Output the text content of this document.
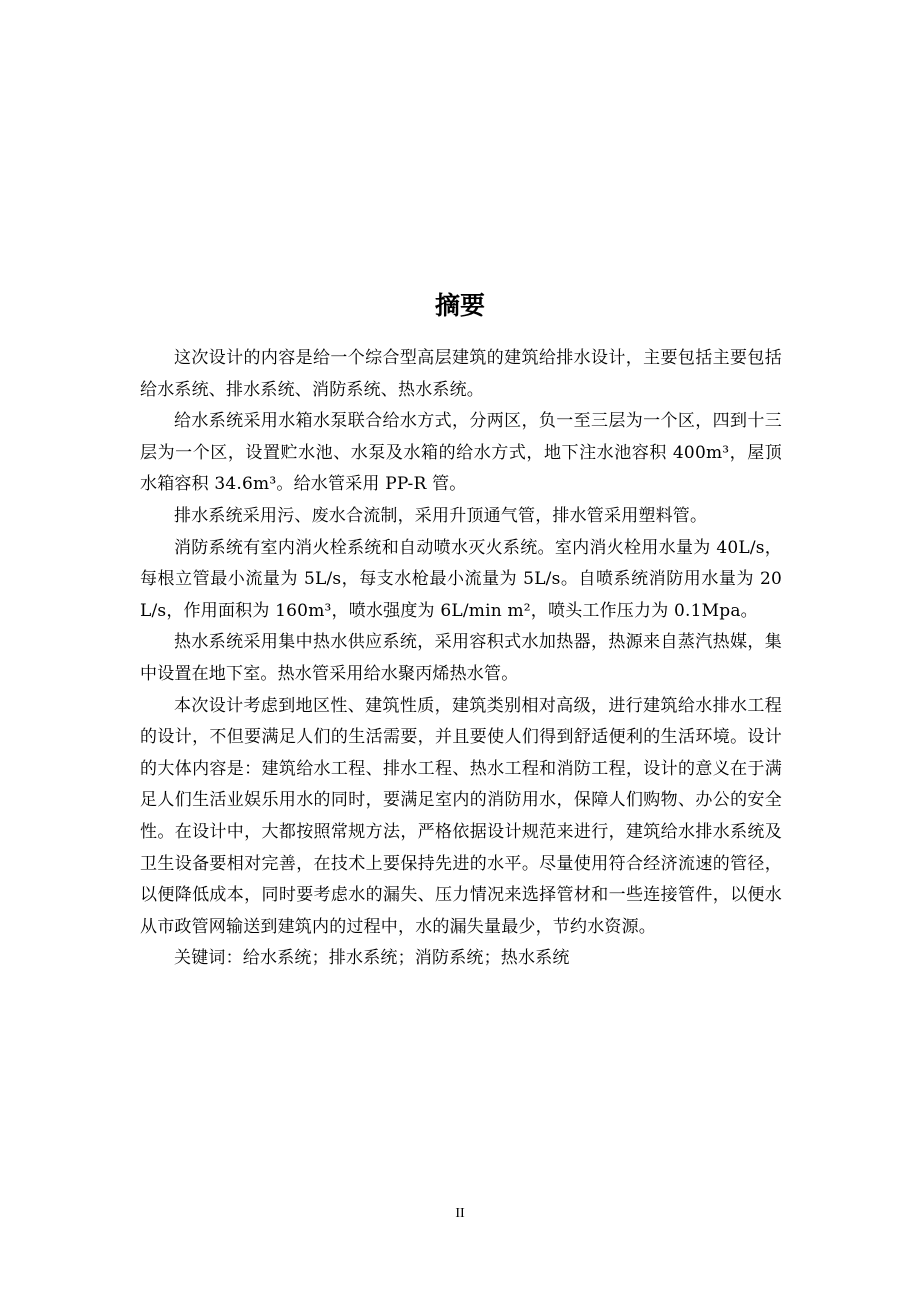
摘要

这次设计的内容是给一个综合型高层建筑的建筑给排水设计，主要包括主要包括给水系统、排水系统、消防系统、热水系统。

给水系统采用水箱水泵联合给水方式，分两区，负一至三层为一个区，四到十三层为一个区，设置贮水池、水泵及水箱的给水方式，地下注水池容积 400m³，屋顶水箱容积 34.6m³。给水管采用 PP-R 管。

排水系统采用污、废水合流制，采用升顶通气管，排水管采用塑料管。

消防系统有室内消火栓系统和自动喷水灭火系统。室内消火栓用水量为 40L/s，每根立管最小流量为 5L/s，每支水枪最小流量为 5L/s。自喷系统消防用水量为 20 L/s，作用面积为 160m³，喷水强度为 6L/min m²，喷头工作压力为 0.1Mpa。

热水系统采用集中热水供应系统，采用容积式水加热器，热源来自蒸汽热媒，集中设置在地下室。热水管采用给水聚丙烯热水管。

本次设计考虑到地区性、建筑性质，建筑类别相对高级，进行建筑给水排水工程的设计，不但要满足人们的生活需要，并且要使人们得到舒适便利的生活环境。设计的大体内容是：建筑给水工程、排水工程、热水工程和消防工程，设计的意义在于满足人们生活业娱乐用水的同时，要满足室内的消防用水，保障人们购物、办公的安全性。在设计中，大都按照常规方法，严格依据设计规范来进行，建筑给水排水系统及卫生设备要相对完善，在技术上要保持先进的水平。尽量使用符合经济流速的管径，以便降低成本，同时要考虑水的漏失、压力情况来选择管材和一些连接管件，以便水从市政管网输送到建筑内的过程中，水的漏失量最少，节约水资源。

关键词：给水系统；排水系统；消防系统；热水系统

II
